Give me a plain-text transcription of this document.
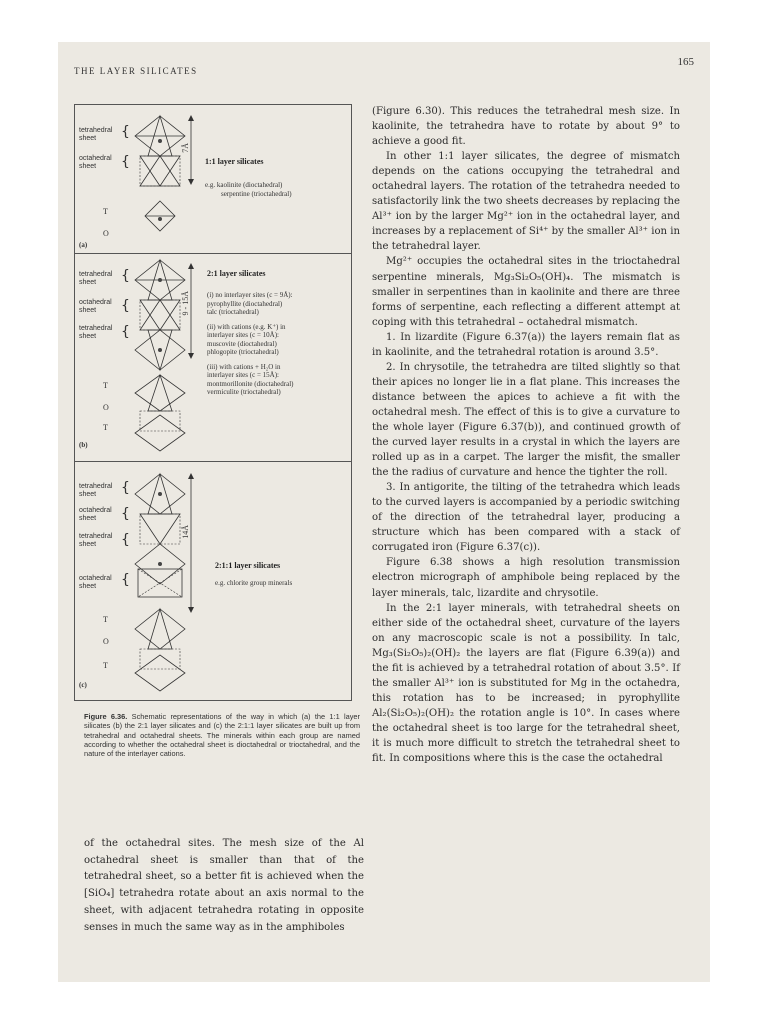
THE LAYER SILICATES
165
tetrahedral sheet	{
octahedral sheet	{
7Å
T
O
(a)
1:1 layer silicates
e.g. kaolinite (dioctahedral)
serpentine (trioctahedral)
tetrahedral sheet	{
octahedral sheet	{
tetrahedral sheet	{
9 - 15Å
T
O
T
(b)
2:1 layer silicates
(i) no interlayer sites (c = 9Å):
pyrophyllite (dioctahedral)
talc (trioctahedral)
(ii) with cations (e.g. K⁺) in
interlayer sites (c = 10Å):
muscovite (dioctahedral)
phlogopite (trioctahedral)
(iii) with cations + H₂O in
interlayer sites (c = 15Å):
montmorillonite (dioctahedral)
vermiculite (trioctahedral)
tetrahedral sheet	{
octahedral sheet	{
tetrahedral sheet	{
octahedral sheet	{
14Å
T
O
T
(c)
2:1:1 layer silicates
e.g. chlorite group minerals
Figure 6.36. Schematic representations of the way in which (a) the 1:1 layer silicates (b) the 2:1 layer silicates and (c) the 2:1:1 layer silicates are built up from tetrahedral and octahedral sheets. The minerals within each group are named according to whether the octahedral sheet is dioctahedral or trioctahedral, and the nature of the interlayer cations.
of the octahedral sites. The mesh size of the Al octahedral sheet is smaller than that of the tetrahedral sheet, so a better fit is achieved when the [SiO₄] tetrahedra rotate about an axis normal to the sheet, with adjacent tetrahedra rotating in opposite senses in much the same way as in the amphiboles

(Figure 6.30). This reduces the tetrahedral mesh size. In kaolinite, the tetrahedra have to rotate by about 9° to achieve a good fit.

In other 1:1 layer silicates, the degree of mismatch depends on the cations occupying the tetrahedral and octahedral layers. The rotation of the tetrahedra needed to satisfactorily link the two sheets decreases by replacing the Al³⁺ ion by the larger Mg²⁺ ion in the octahedral layer, and increases by a replacement of Si⁴⁺ by the smaller Al³⁺ ion in the tetrahedral layer.

Mg²⁺ occupies the octahedral sites in the trioctahedral serpentine minerals, Mg₃Si₂O₅(OH)₄. The mismatch is smaller in serpentines than in kaolinite and there are three forms of serpentine, each reflecting a different attempt at coping with this tetrahedral – octahedral mismatch.

1. In lizardite (Figure 6.37(a)) the layers remain flat as in kaolinite, and the tetrahedral rotation is around 3.5°.

2. In chrysotile, the tetrahedra are tilted slightly so that their apices no longer lie in a flat plane. This increases the distance between the apices to achieve a fit with the octahedral mesh. The effect of this is to give a curvature to the whole layer (Figure 6.37(b)), and continued growth of the curved layer results in a crystal in which the layers are rolled up as in a carpet. The larger the misfit, the smaller the the radius of curvature and hence the tighter the roll.

3. In antigorite, the tilting of the tetrahedra which leads to the curved layers is accompanied by a periodic switching of the direction of the tetrahedral layer, producing a structure which has been compared with a stack of corrugated iron (Figure 6.37(c)).

Figure 6.38 shows a high resolution transmission electron micrograph of amphibole being replaced by the layer minerals, talc, lizardite and chrysotile.

In the 2:1 layer minerals, with tetrahedral sheets on either side of the octahedral sheet, curvature of the layers on any macroscopic scale is not a possibility. In talc, Mg₃(Si₂O₅)₂(OH)₂ the layers are flat (Figure 6.39(a)) and the fit is achieved by a tetrahedral rotation of about 3.5°. If the smaller Al³⁺ ion is substituted for Mg in the octahedra, this rotation has to be increased; in pyrophyllite Al₂(Si₂O₅)₂(OH)₂ the rotation angle is 10°. In cases where the octahedral sheet is too large for the tetrahedral sheet, it is much more difficult to stretch the tetrahedral sheet to fit. In compositions where this is the case the octahedral
